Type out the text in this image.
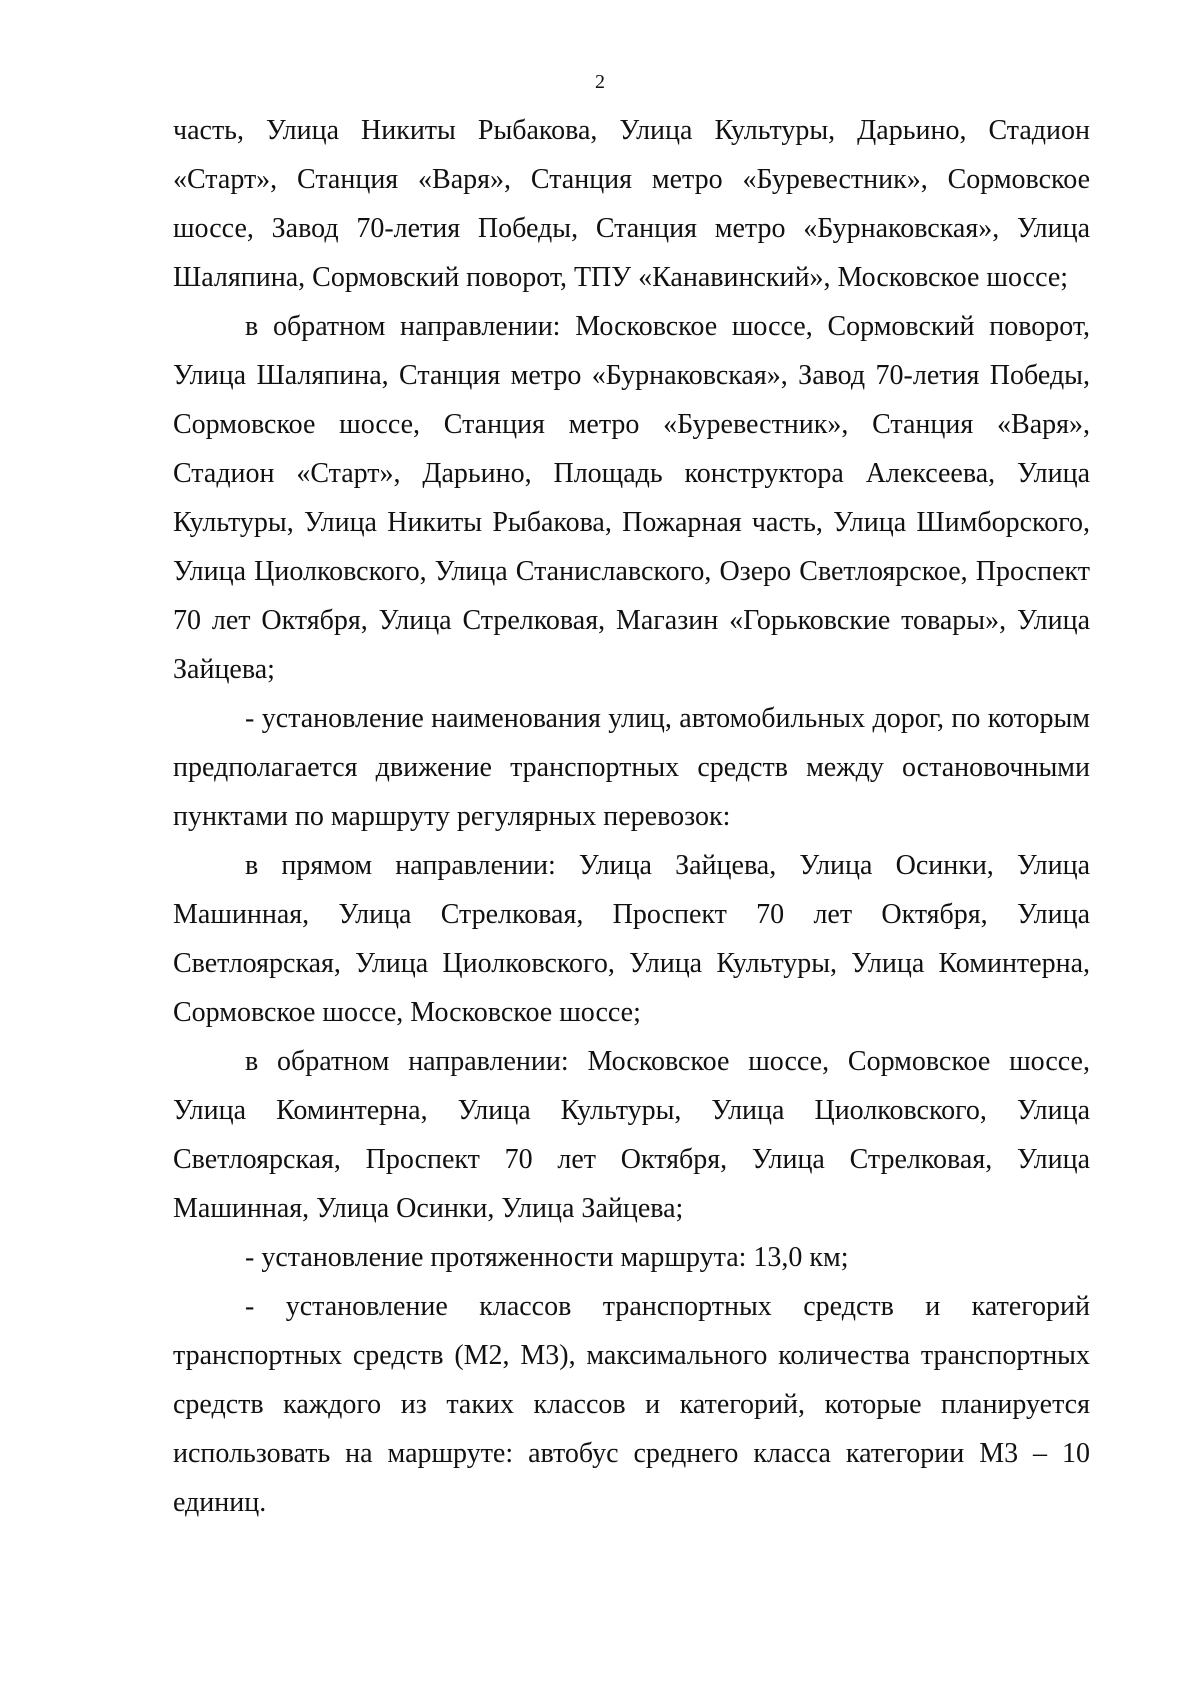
2

часть, Улица Никиты Рыбакова, Улица Культуры, Дарьино, Стадион «Старт», Станция «Варя», Станция метро «Буревестник», Сормовское шоссе, Завод 70-летия Победы, Станция метро «Бурнаковская», Улица Шаляпина, Сормовский поворот, ТПУ «Канавинский», Московское шоссе;

в обратном направлении: Московское шоссе, Сормовский поворот, Улица Шаляпина, Станция метро «Бурнаковская», Завод 70-летия Победы, Сормовское шоссе, Станция метро «Буревестник», Станция «Варя», Стадион «Старт», Дарьино, Площадь конструктора Алексеева, Улица Культуры, Улица Никиты Рыбакова, Пожарная часть, Улица Шимборского, Улица Циолковского, Улица Станиславского, Озеро Светлоярское, Проспект 70 лет Октября, Улица Стрелковая, Магазин «Горьковские товары», Улица Зайцева;

- установление наименования улиц, автомобильных дорог, по которым предполагается движение транспортных средств между остановочными пунктами по маршруту регулярных перевозок:

в прямом направлении: Улица Зайцева, Улица Осинки, Улица Машинная, Улица Стрелковая, Проспект 70 лет Октября, Улица Светлоярская, Улица Циолковского, Улица Культуры, Улица Коминтерна, Сормовское шоссе, Московское шоссе;

в обратном направлении: Московское шоссе, Сормовское шоссе, Улица Коминтерна, Улица Культуры, Улица Циолковского, Улица Светлоярская, Проспект 70 лет Октября, Улица Стрелковая, Улица Машинная, Улица Осинки, Улица Зайцева;

- установление протяженности маршрута: 13,0 км;

- установление классов транспортных средств и категорий транспортных средств (М2, М3), максимального количества транспортных средств каждого из таких классов и категорий, которые планируется использовать на маршруте: автобус среднего класса категории М3 – 10 единиц.
